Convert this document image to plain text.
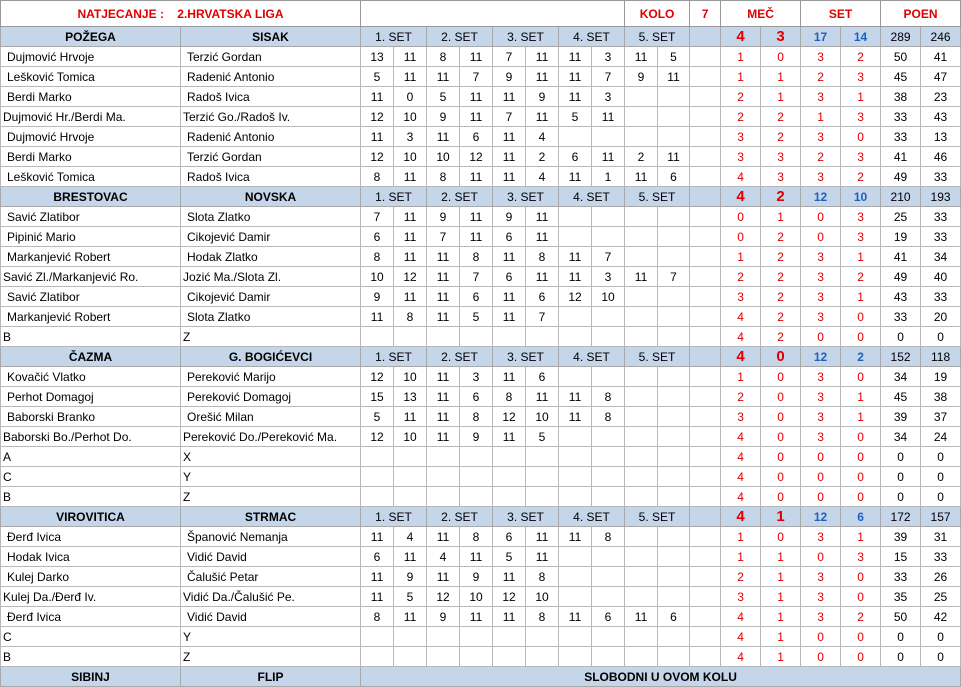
NATJECANJE : 2.HRVATSKA LIGA										KOLO		7	MEČ		SET		POEN	
POŽEGA	SISAK	1. SET		2. SET		3. SET		4. SET		5. SET			4	3	17	14	289	246
Dujmović Hrvoje	Terzić Gordan	13	11	8	11	7	11	11	3	11	5		1	0	3	2	50	41
Lešković Tomica	Radenić Antonio	5	11	11	7	9	11	11	7	9	11		1	1	2	3	45	47
Berdi Marko	Radoš Ivica	11	0	5	11	11	9	11	3				2	1	3	1	38	23
Dujmović Hr./Berdi Ma.	Terzić Go./Radoš Iv.	12	10	9	11	7	11	5	11				2	2	1	3	33	43
Dujmović Hrvoje	Radenić Antonio	11	3	11	6	11	4						3	2	3	0	33	13
Berdi Marko	Terzić Gordan	12	10	10	12	11	2	6	11	2	11		3	3	2	3	41	46
Lešković Tomica	Radoš Ivica	8	11	8	11	11	4	11	1	11	6		4	3	3	2	49	33
BRESTOVAC	NOVSKA	1. SET		2. SET		3. SET		4. SET		5. SET			4	2	12	10	210	193
Savić Zlatibor	Slota Zlatko	7	11	9	11	9	11						0	1	0	3	25	33
Pipinić Mario	Cikojević Damir	6	11	7	11	6	11						0	2	0	3	19	33
Markanjević Robert	Hodak Zlatko	8	11	11	8	11	8	11	7				1	2	3	1	41	34
Savić Zl./Markanjević Ro.	Jozić Ma./Slota Zl.	10	12	11	7	6	11	11	3	11	7		2	2	3	2	49	40
Savić Zlatibor	Cikojević Damir	9	11	11	6	11	6	12	10				3	2	3	1	43	33
Markanjević Robert	Slota Zlatko	11	8	11	5	11	7						4	2	3	0	33	20
B	Z												4	2	0	0	0	0
ČAZMA	G. BOGIĆEVCI	1. SET		2. SET		3. SET		4. SET		5. SET			4	0	12	2	152	118
Kovačić Vlatko	Pereković Marijo	12	10	11	3	11	6						1	0	3	0	34	19
Perhot Domagoj	Pereković Domagoj	15	13	11	6	8	11	11	8				2	0	3	1	45	38
Baborski Branko	Orešić Milan	5	11	11	8	12	10	11	8				3	0	3	1	39	37
Baborski Bo./Perhot Do.	Pereković Do./Pereković Ma.	12	10	11	9	11	5						4	0	3	0	34	24
A	X												4	0	0	0	0	0
C	Y												4	0	0	0	0	0
B	Z												4	0	0	0	0	0
VIROVITICA	STRMAC	1. SET		2. SET		3. SET		4. SET		5. SET			4	1	12	6	172	157
Đerđ Ivica	Španović Nemanja	11	4	11	8	6	11	11	8				1	0	3	1	39	31
Hodak Ivica	Vidić David	6	11	4	11	5	11						1	1	0	3	15	33
Kulej Darko	Čalušić Petar	11	9	11	9	11	8						2	1	3	0	33	26
Kulej Da./Đerđ Iv.	Vidić Da./Čalušić Pe.	11	5	12	10	12	10						3	1	3	0	35	25
Đerđ Ivica	Vidić David	8	11	9	11	11	8	11	6	11	6		4	1	3	2	50	42
C	Y												4	1	0	0	0	0
B	Z												4	1	0	0	0	0
SIBINJ	FLIP	SLOBODNI U OVOM KOLU																
